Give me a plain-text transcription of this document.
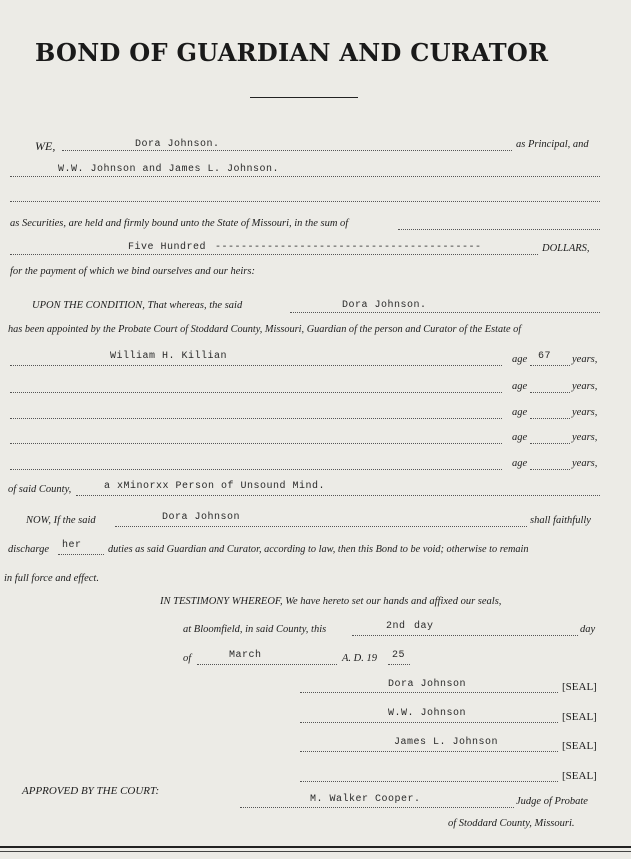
BOND OF GUARDIAN AND CURATOR
WE,	Dora Johnson.	as Principal, and
W.W. Johnson and James L. Johnson.
as Securities, are held and firmly bound unto the State of Missouri, in the sum of
Five Hundred -----------------------------------------	DOLLARS,
for the payment of which we bind ourselves and our heirs:
UPON THE CONDITION, That whereas, the said	Dora Johnson.
has been appointed by the Probate Court of Stoddard County, Missouri, Guardian of the person and Curator of the Estate of
William H. Killian	age 67 years,
age	years,
age	years,
age	years,
age	years,
of said County,	a xMinorxx Person of Unsound Mind.
NOW, If the said	Dora Johnson	shall faithfully
discharge her	duties as said Guardian and Curator, according to law, then this Bond to be void; otherwise to remain
in full force and effect.
IN TESTIMONY WHEREOF, We have hereto set our hands and affixed our seals,
at Bloomfield, in said County, this	2nd day	day
of	March	A. D. 19 25
Dora Johnson	[SEAL]
W.W. Johnson	[SEAL]
James L. Johnson	[SEAL]
[SEAL]
APPROVED BY THE COURT:
M. Walker Cooper.	Judge of Probate
of Stoddard County, Missouri.
